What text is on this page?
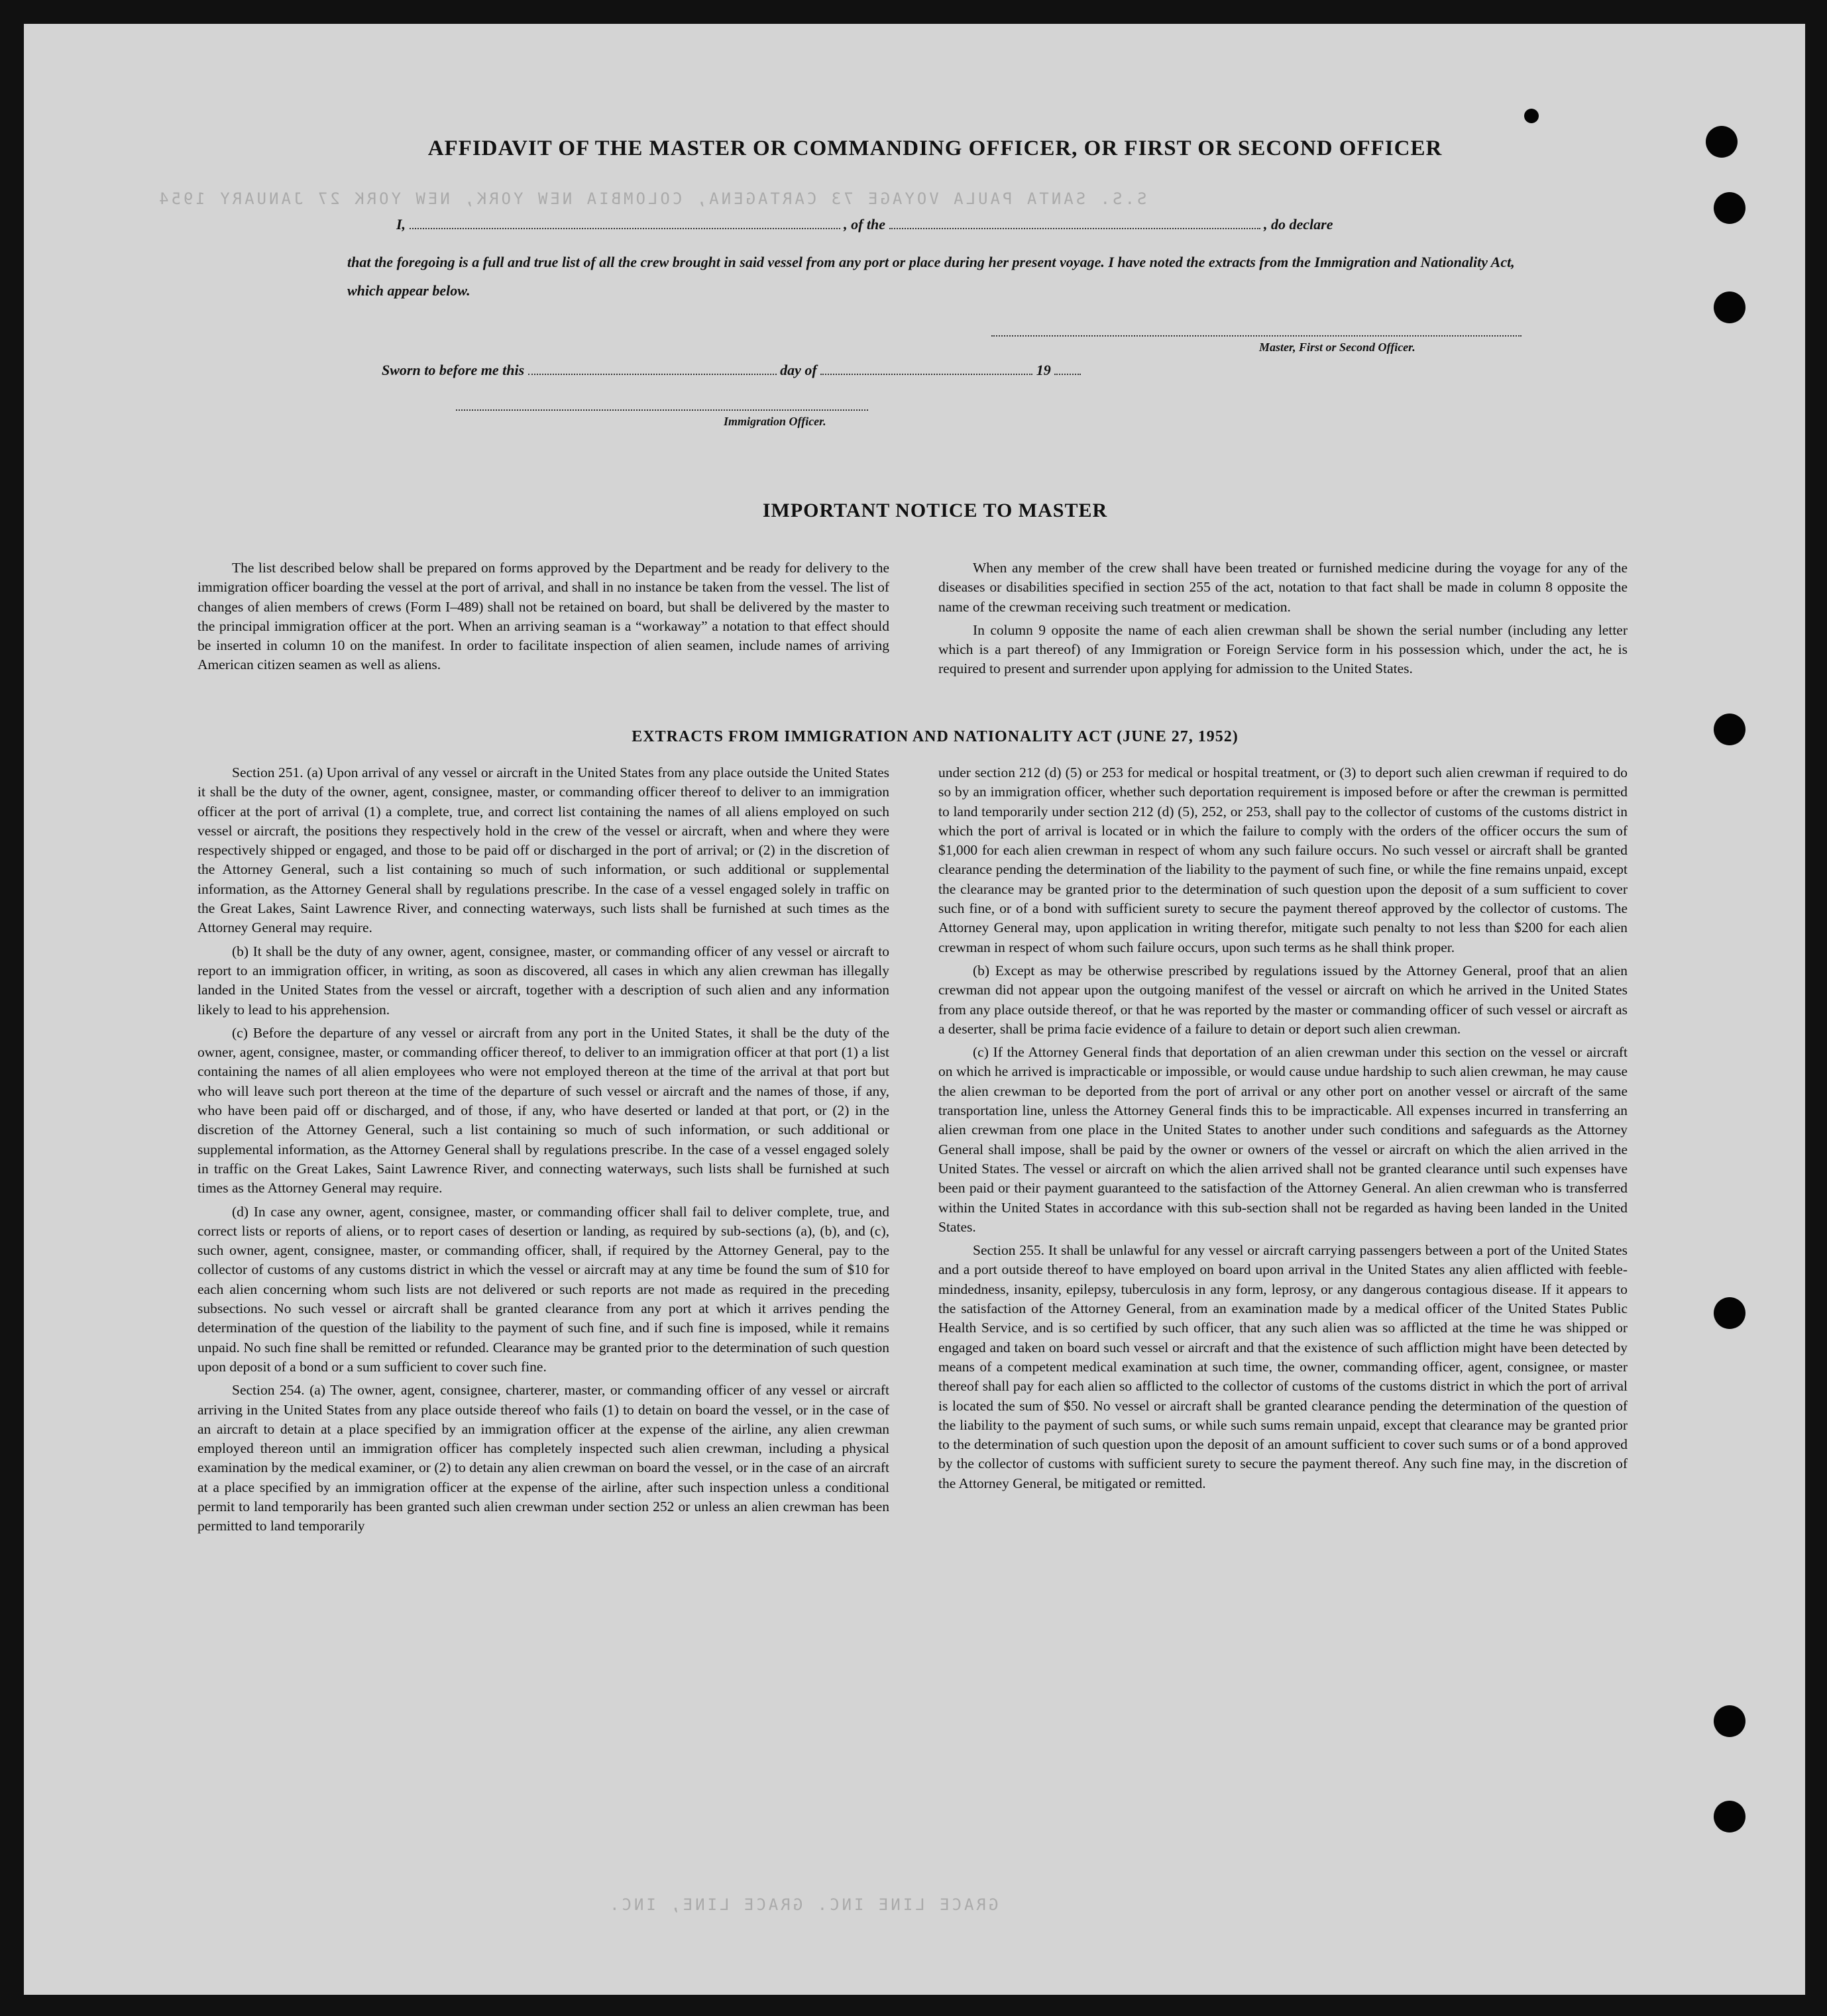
S.S. SANTA PAULA VOYAGE 73 CARTAGENA, COLOMBIA NEW YORK, NEW YORK 27 JANUARY 1954
GRACE LINE INC. GRACE LINE, INC.
AFFIDAVIT OF THE MASTER OR COMMANDING OFFICER, OR FIRST OR SECOND OFFICER
I,	, of the	, do declare
that the foregoing is a full and true list of all the crew brought in said vessel from any port or place during her present voyage. I have noted the extracts from the Immigration and Nationality Act, which appear below.
Master, First or Second Officer.
Sworn to before me this	day of	19
Immigration Officer.
IMPORTANT NOTICE TO MASTER

The list described below shall be prepared on forms approved by the Department and be ready for delivery to the immigration officer boarding the vessel at the port of arrival, and shall in no instance be taken from the vessel. The list of changes of alien members of crews (Form I–489) shall not be retained on board, but shall be delivered by the master to the principal immigration officer at the port. When an arriving seaman is a “workaway” a notation to that effect should be inserted in column 10 on the manifest. In order to facilitate inspection of alien seamen, include names of arriving American citizen seamen as well as aliens.

When any member of the crew shall have been treated or furnished medicine during the voyage for any of the diseases or disabilities specified in section 255 of the act, notation to that fact shall be made in column 8 opposite the name of the crewman receiving such treatment or medication.

In column 9 opposite the name of each alien crewman shall be shown the serial number (including any letter which is a part thereof) of any Immigration or Foreign Service form in his possession which, under the act, he is required to present and surrender upon applying for admission to the United States.

EXTRACTS FROM IMMIGRATION AND NATIONALITY ACT (JUNE 27, 1952)

Section 251. (a) Upon arrival of any vessel or aircraft in the United States from any place outside the United States it shall be the duty of the owner, agent, consignee, master, or commanding officer thereof to deliver to an immigration officer at the port of arrival (1) a complete, true, and correct list containing the names of all aliens employed on such vessel or aircraft, the positions they respectively hold in the crew of the vessel or aircraft, when and where they were respectively shipped or engaged, and those to be paid off or discharged in the port of arrival; or (2) in the discretion of the Attorney General, such a list containing so much of such information, or such additional or supplemental information, as the Attorney General shall by regulations prescribe. In the case of a vessel engaged solely in traffic on the Great Lakes, Saint Lawrence River, and connecting waterways, such lists shall be furnished at such times as the Attorney General may require.

(b) It shall be the duty of any owner, agent, consignee, master, or commanding officer of any vessel or aircraft to report to an immigration officer, in writing, as soon as discovered, all cases in which any alien crewman has illegally landed in the United States from the vessel or aircraft, together with a description of such alien and any information likely to lead to his apprehension.

(c) Before the departure of any vessel or aircraft from any port in the United States, it shall be the duty of the owner, agent, consignee, master, or commanding officer thereof, to deliver to an immigration officer at that port (1) a list containing the names of all alien employees who were not employed thereon at the time of the arrival at that port but who will leave such port thereon at the time of the departure of such vessel or aircraft and the names of those, if any, who have been paid off or discharged, and of those, if any, who have deserted or landed at that port, or (2) in the discretion of the Attorney General, such a list containing so much of such information, or such additional or supplemental information, as the Attorney General shall by regulations prescribe. In the case of a vessel engaged solely in traffic on the Great Lakes, Saint Lawrence River, and connecting waterways, such lists shall be furnished at such times as the Attorney General may require.

(d) In case any owner, agent, consignee, master, or commanding officer shall fail to deliver complete, true, and correct lists or reports of aliens, or to report cases of desertion or landing, as required by sub-sections (a), (b), and (c), such owner, agent, consignee, master, or commanding officer, shall, if required by the Attorney General, pay to the collector of customs of any customs district in which the vessel or aircraft may at any time be found the sum of $10 for each alien concerning whom such lists are not delivered or such reports are not made as required in the preceding subsections. No such vessel or aircraft shall be granted clearance from any port at which it arrives pending the determination of the question of the liability to the payment of such fine, and if such fine is imposed, while it remains unpaid. No such fine shall be remitted or refunded. Clearance may be granted prior to the determination of such question upon deposit of a bond or a sum sufficient to cover such fine.

Section 254. (a) The owner, agent, consignee, charterer, master, or commanding officer of any vessel or aircraft arriving in the United States from any place outside thereof who fails (1) to detain on board the vessel, or in the case of an aircraft to detain at a place specified by an immigration officer at the expense of the airline, any alien crewman employed thereon until an immigration officer has completely inspected such alien crewman, including a physical examination by the medical examiner, or (2) to detain any alien crewman on board the vessel, or in the case of an aircraft at a place specified by an immigration officer at the expense of the airline, after such inspection unless a conditional permit to land temporarily has been granted such alien crewman under section 252 or unless an alien crewman has been permitted to land temporarily

under section 212 (d) (5) or 253 for medical or hospital treatment, or (3) to deport such alien crewman if required to do so by an immigration officer, whether such deportation requirement is imposed before or after the crewman is permitted to land temporarily under section 212 (d) (5), 252, or 253, shall pay to the collector of customs of the customs district in which the port of arrival is located or in which the failure to comply with the orders of the officer occurs the sum of $1,000 for each alien crewman in respect of whom any such failure occurs. No such vessel or aircraft shall be granted clearance pending the determination of the liability to the payment of such fine, or while the fine remains unpaid, except the clearance may be granted prior to the determination of such question upon the deposit of a sum sufficient to cover such fine, or of a bond with sufficient surety to secure the payment thereof approved by the collector of customs. The Attorney General may, upon application in writing therefor, mitigate such penalty to not less than $200 for each alien crewman in respect of whom such failure occurs, upon such terms as he shall think proper.

(b) Except as may be otherwise prescribed by regulations issued by the Attorney General, proof that an alien crewman did not appear upon the outgoing manifest of the vessel or aircraft on which he arrived in the United States from any place outside thereof, or that he was reported by the master or commanding officer of such vessel or aircraft as a deserter, shall be prima facie evidence of a failure to detain or deport such alien crewman.

(c) If the Attorney General finds that deportation of an alien crewman under this section on the vessel or aircraft on which he arrived is impracticable or impossible, or would cause undue hardship to such alien crewman, he may cause the alien crewman to be deported from the port of arrival or any other port on another vessel or aircraft of the same transportation line, unless the Attorney General finds this to be impracticable. All expenses incurred in transferring an alien crewman from one place in the United States to another under such conditions and safeguards as the Attorney General shall impose, shall be paid by the owner or owners of the vessel or aircraft on which the alien arrived in the United States. The vessel or aircraft on which the alien arrived shall not be granted clearance until such expenses have been paid or their payment guaranteed to the satisfaction of the Attorney General. An alien crewman who is transferred within the United States in accordance with this sub-section shall not be regarded as having been landed in the United States.

Section 255. It shall be unlawful for any vessel or aircraft carrying passengers between a port of the United States and a port outside thereof to have employed on board upon arrival in the United States any alien afflicted with feeble-mindedness, insanity, epilepsy, tuberculosis in any form, leprosy, or any dangerous contagious disease. If it appears to the satisfaction of the Attorney General, from an examination made by a medical officer of the United States Public Health Service, and is so certified by such officer, that any such alien was so afflicted at the time he was shipped or engaged and taken on board such vessel or aircraft and that the existence of such affliction might have been detected by means of a competent medical examination at such time, the owner, commanding officer, agent, consignee, or master thereof shall pay for each alien so afflicted to the collector of customs of the customs district in which the port of arrival is located the sum of $50. No vessel or aircraft shall be granted clearance pending the determination of the question of the liability to the payment of such sums, or while such sums remain unpaid, except that clearance may be granted prior to the determination of such question upon the deposit of an amount sufficient to cover such sums or of a bond approved by the collector of customs with sufficient surety to secure the payment thereof. Any such fine may, in the discretion of the Attorney General, be mitigated or remitted.
